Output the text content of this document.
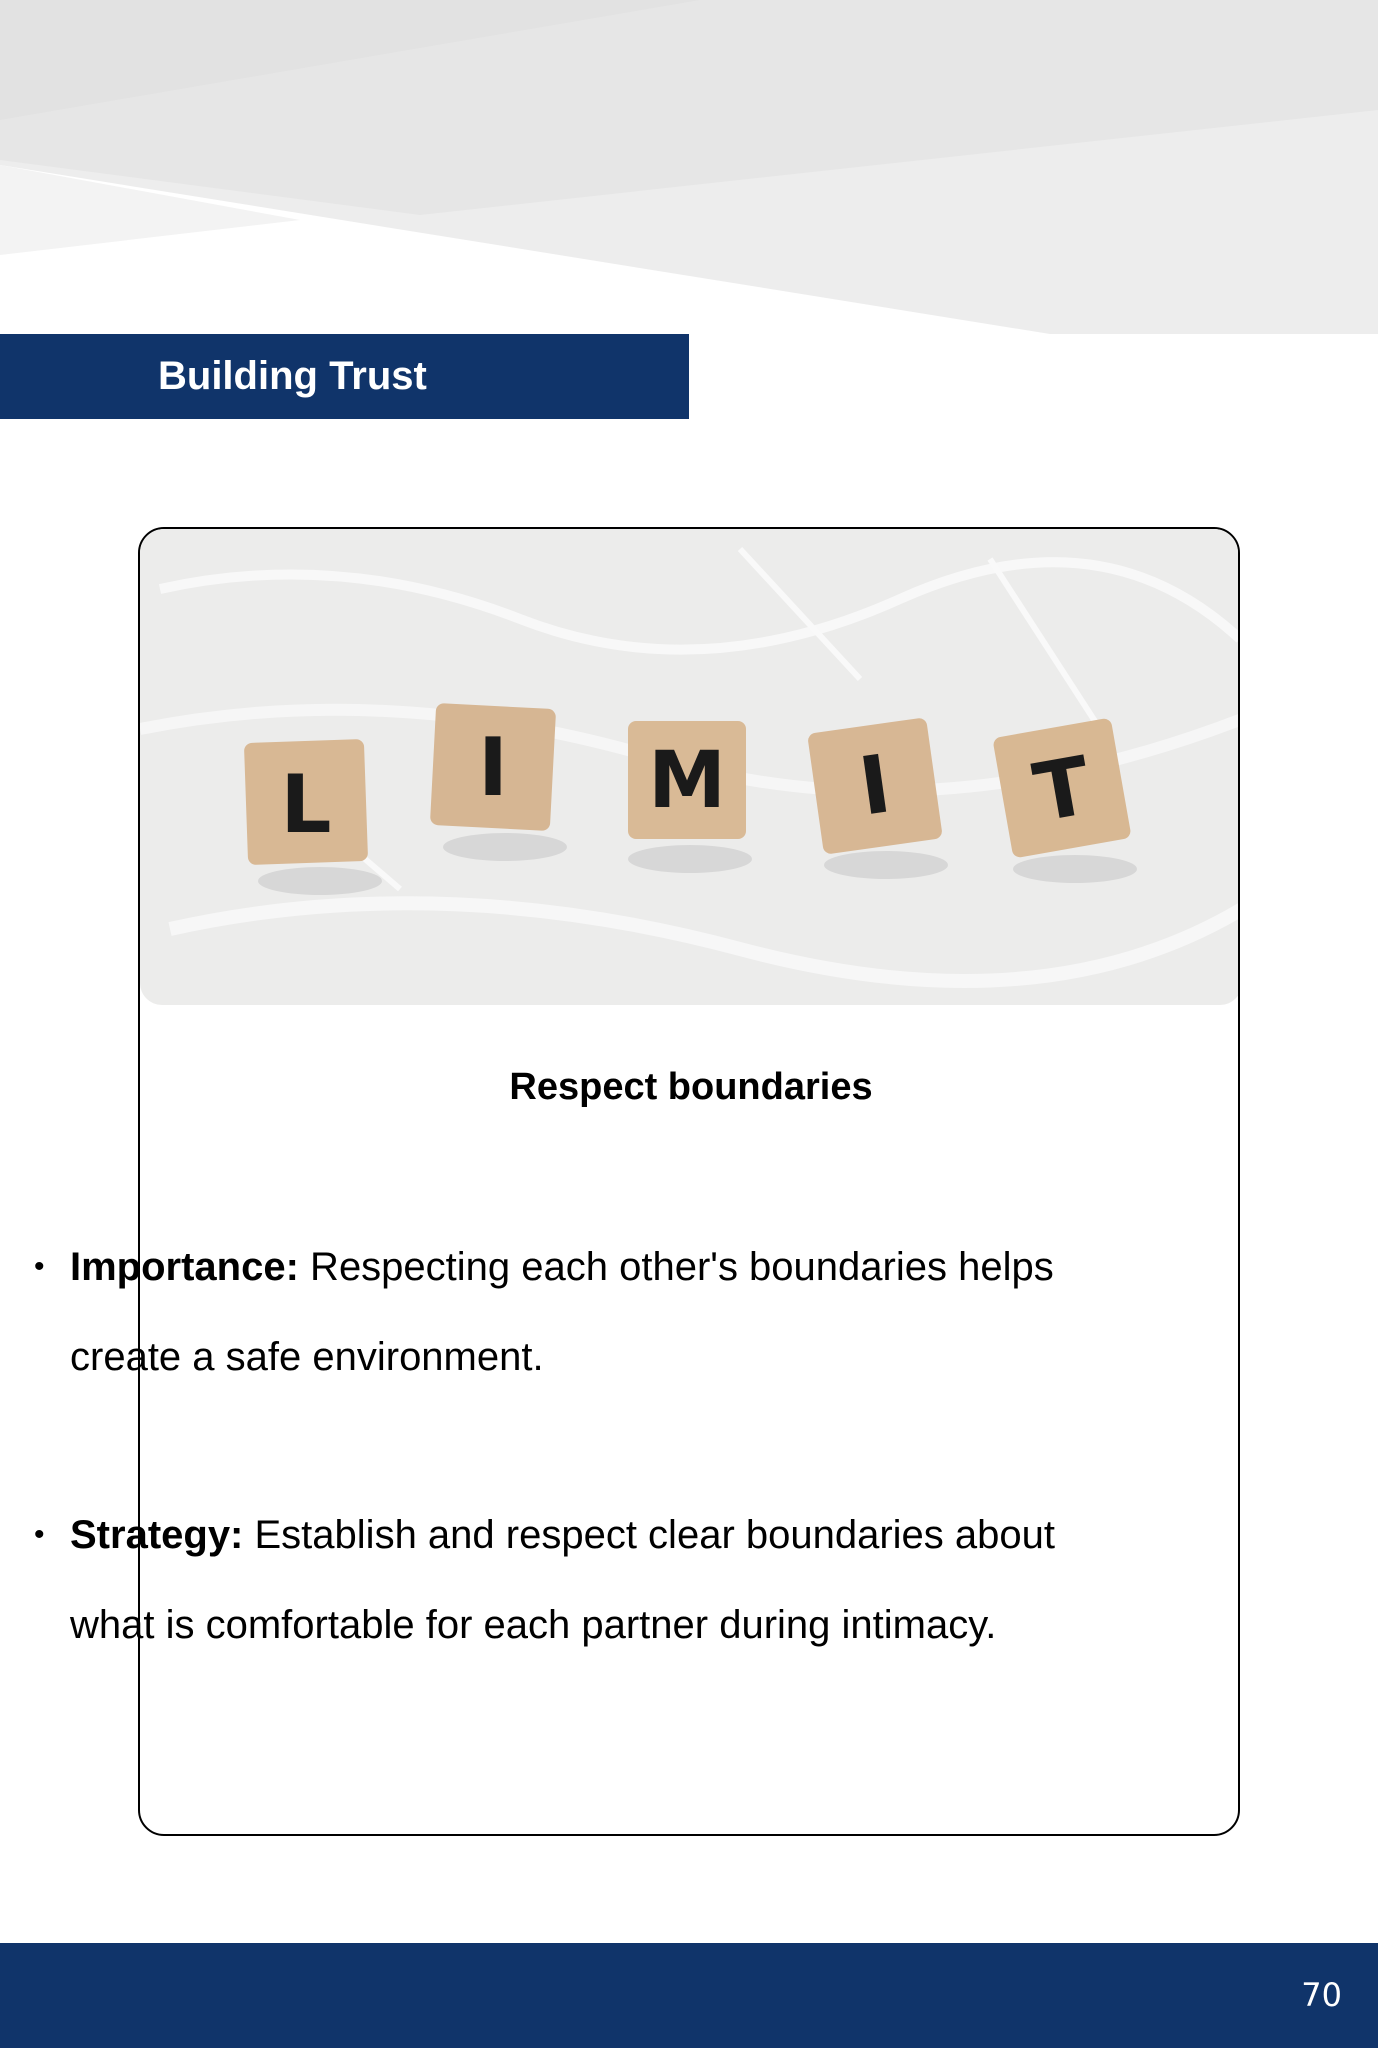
Building Trust
L I M I T
Respect boundaries
• Importance: Respecting each other's boundaries helps create a safe environment.
• Strategy: Establish and respect clear boundaries about what is comfortable for each partner during intimacy.
70
